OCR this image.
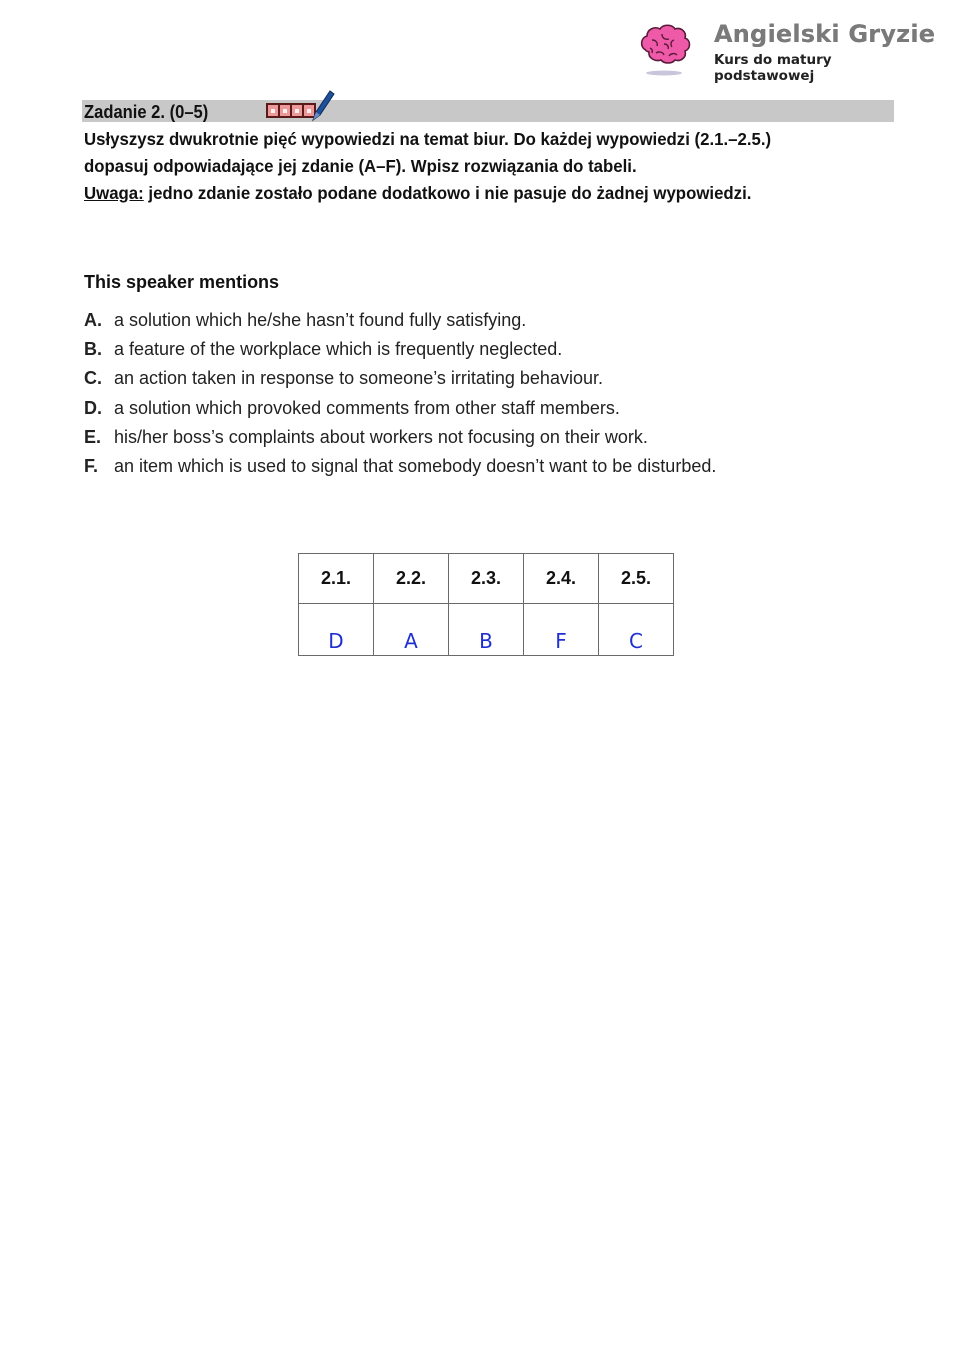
Angielski Gryzie
Kurs do matury podstawowej
Zadanie 2. (0–5)

Usłyszysz dwukrotnie pięć wypowiedzi na temat biur. Do każdej wypowiedzi (2.1.–2.5.)

dopasuj odpowiadające jej zdanie (A–F). Wpisz rozwiązania do tabeli.

Uwaga: jedno zdanie zostało podane dodatkowo i nie pasuje do żadnej wypowiedzi.

This speaker mentions
A. a solution which he/she hasn’t found fully satisfying.
B. a feature of the workplace which is frequently neglected.
C. an action taken in response to someone’s irritating behaviour.
D. a solution which provoked comments from other staff members.
E. his/her boss’s complaints about workers not focusing on their work.
F. an item which is used to signal that somebody doesn’t want to be disturbed.
2.1.	2.2.	2.3.	2.4.	2.5.
D	A	B	F	C
